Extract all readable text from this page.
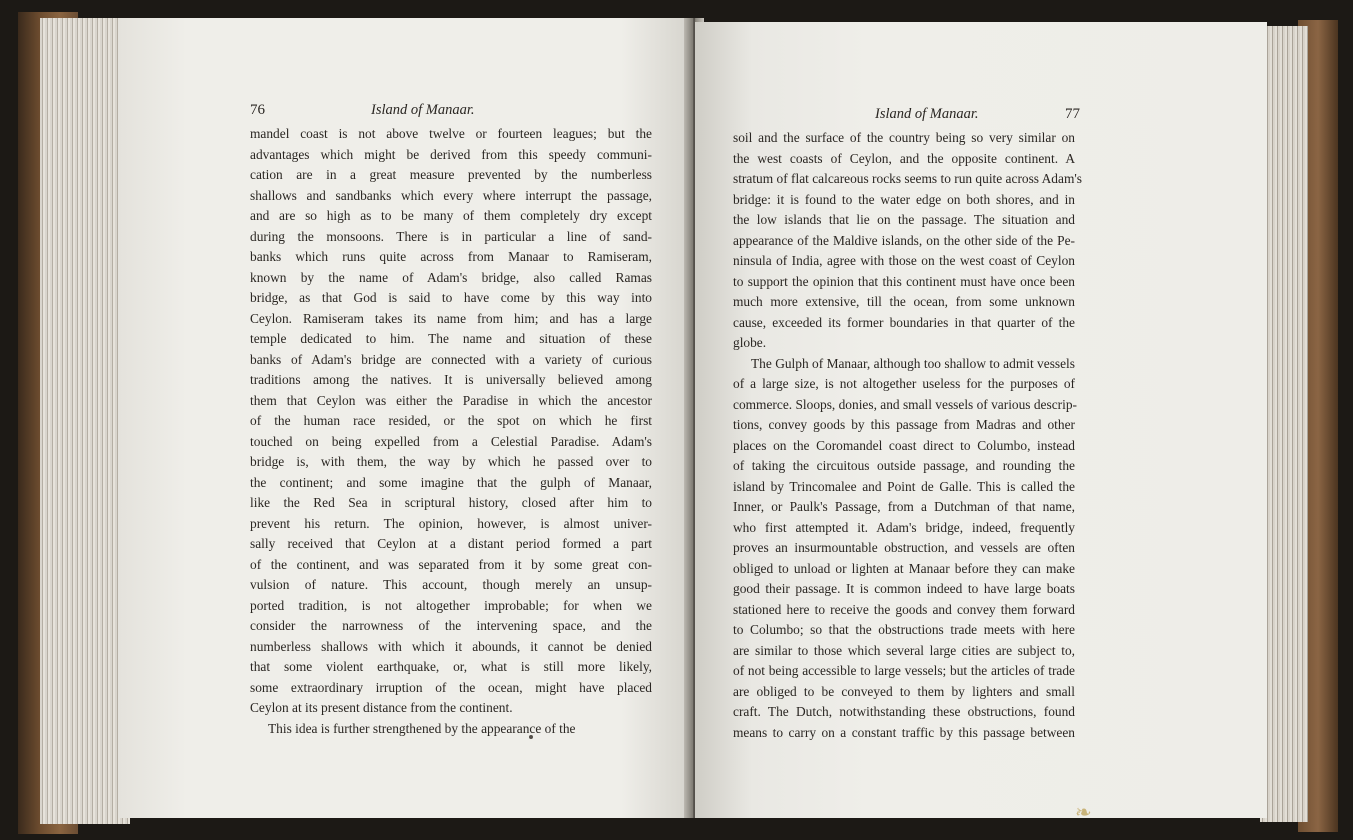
76	Island of Manaar.
mandel coast is not above twelve or fourteen leagues; but the
advantages which might be derived from this speedy communi-
cation are in a great measure prevented by the numberless
shallows and sandbanks which every where interrupt the passage,
and are so high as to be many of them completely dry except
during the monsoons. There is in particular a line of sand-
banks which runs quite across from Manaar to Ramiseram,
known by the name of Adam's bridge, also called Ramas
bridge, as that God is said to have come by this way into
Ceylon. Ramiseram takes its name from him; and has a large
temple dedicated to him. The name and situation of these
banks of Adam's bridge are connected with a variety of curious
traditions among the natives. It is universally believed among
them that Ceylon was either the Paradise in which the ancestor
of the human race resided, or the spot on which he first
touched on being expelled from a Celestial Paradise. Adam's
bridge is, with them, the way by which he passed over to
the continent; and some imagine that the gulph of Manaar,
like the Red Sea in scriptural history, closed after him to
prevent his return. The opinion, however, is almost univer-
sally received that Ceylon at a distant period formed a part
of the continent, and was separated from it by some great con-
vulsion of nature. This account, though merely an unsup-
ported tradition, is not altogether improbable; for when we
consider the narrowness of the intervening space, and the
numberless shallows with which it abounds, it cannot be denied
that some violent earthquake, or, what is still more likely,
some extraordinary irruption of the ocean, might have placed
Ceylon at its present distance from the continent.
This idea is further strengthened by the appearance of the
Island of Manaar.	77
soil and the surface of the country being so very similar on
the west coasts of Ceylon, and the opposite continent. A
stratum of flat calcareous rocks seems to run quite across Adam's
bridge: it is found to the water edge on both shores, and in
the low islands that lie on the passage. The situation and
appearance of the Maldive islands, on the other side of the Pe-
ninsula of India, agree with those on the west coast of Ceylon
to support the opinion that this continent must have once been
much more extensive, till the ocean, from some unknown
cause, exceeded its former boundaries in that quarter of the
globe.
The Gulph of Manaar, although too shallow to admit vessels
of a large size, is not altogether useless for the purposes of
commerce. Sloops, donies, and small vessels of various descrip-
tions, convey goods by this passage from Madras and other
places on the Coromandel coast direct to Columbo, instead
of taking the circuitous outside passage, and rounding the
island by Trincomalee and Point de Galle. This is called the
Inner, or Paulk's Passage, from a Dutchman of that name,
who first attempted it. Adam's bridge, indeed, frequently
proves an insurmountable obstruction, and vessels are often
obliged to unload or lighten at Manaar before they can make
good their passage. It is common indeed to have large boats
stationed here to receive the goods and convey them forward
to Columbo; so that the obstructions trade meets with here
are similar to those which several large cities are subject to,
of not being accessible to large vessels; but the articles of trade
are obliged to be conveyed to them by lighters and small
craft. The Dutch, notwithstanding these obstructions, found
means to carry on a constant traffic by this passage between
❧
